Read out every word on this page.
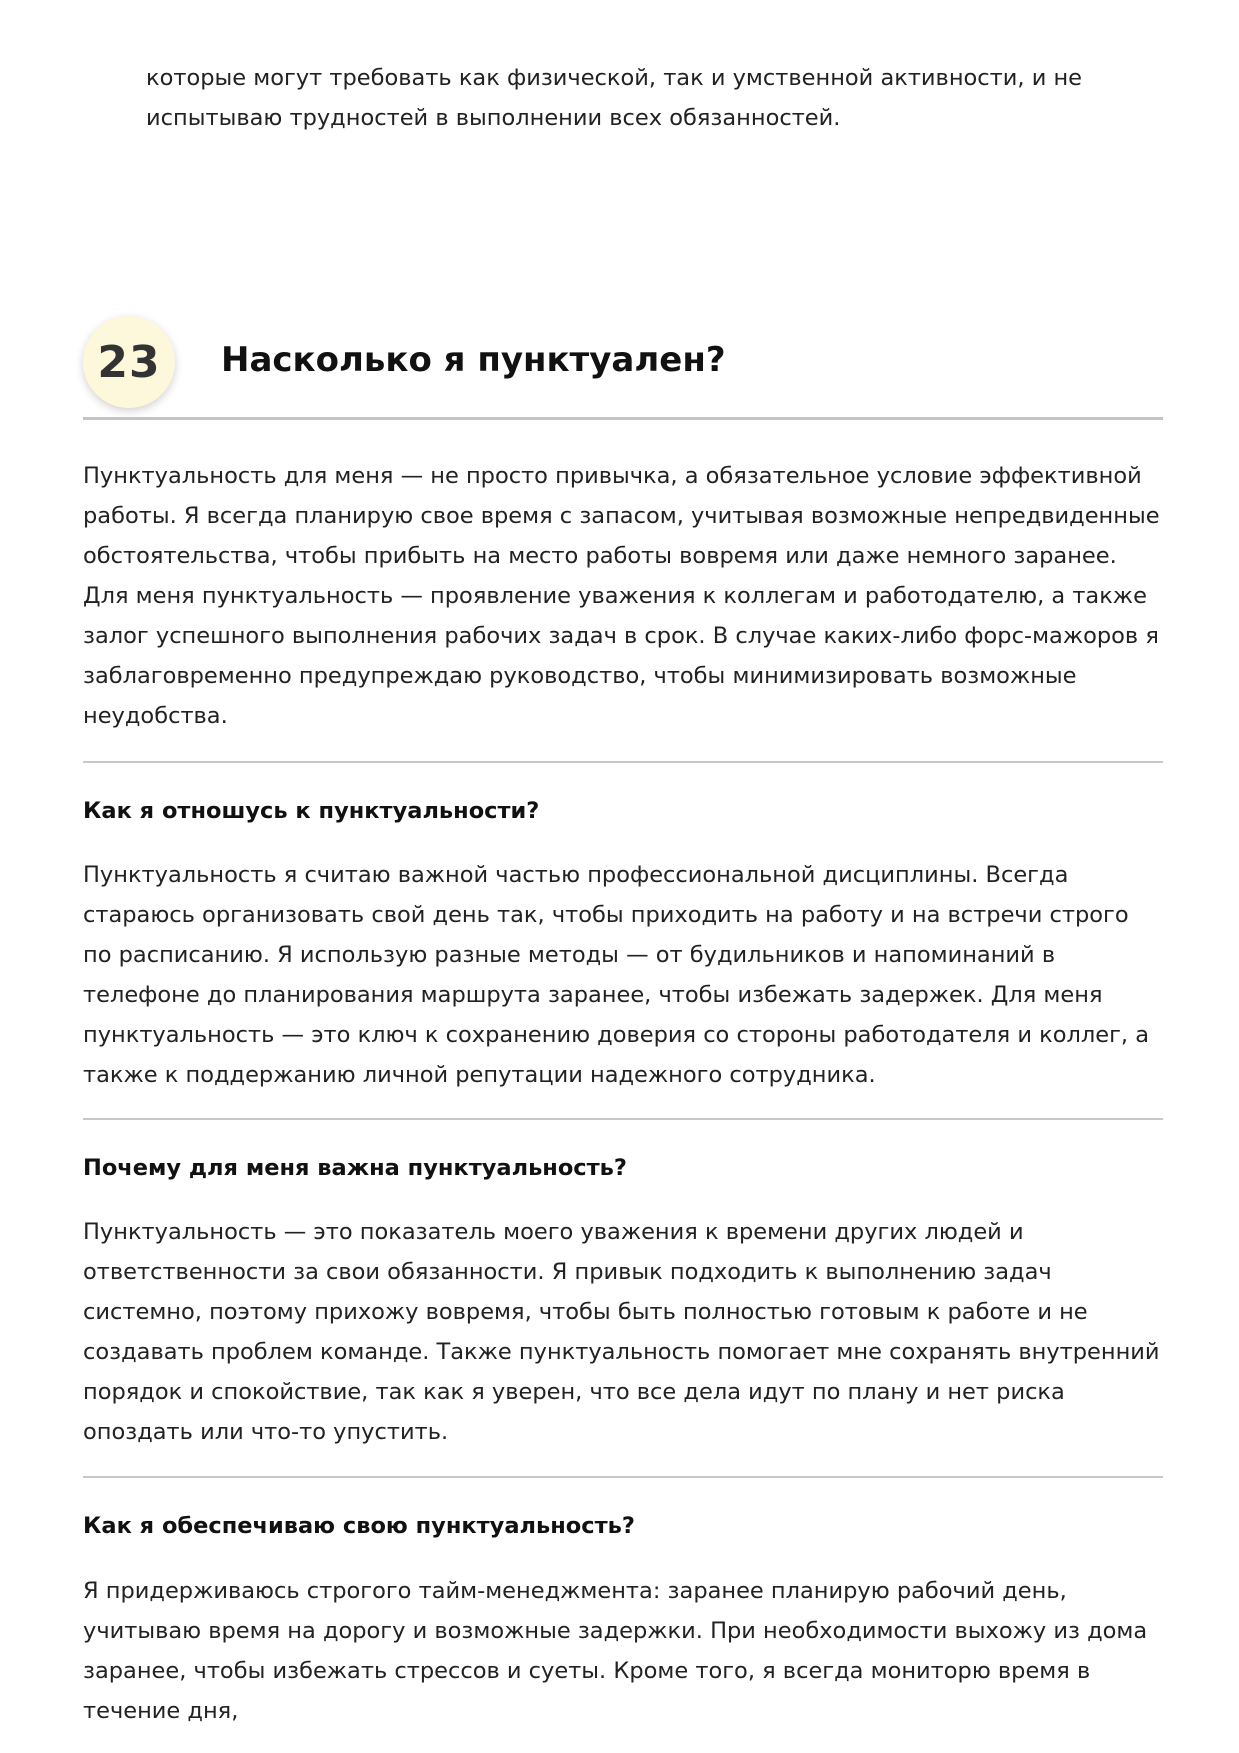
которые могут требовать как физической, так и умственной активности, и не испытываю трудностей в выполнении всех обязанностей.

23 Насколько я пунктуален?

Пунктуальность для меня — не просто привычка, а обязательное условие эффективной работы. Я всегда планирую свое время с запасом, учитывая возможные непредвиденные обстоятельства, чтобы прибыть на место работы вовремя или даже немного заранее. Для меня пунктуальность — проявление уважения к коллегам и работодателю, а также залог успешного выполнения рабочих задач в срок. В случае каких-либо форс-мажоров я заблаговременно предупреждаю руководство, чтобы минимизировать возможные неудобства.

Как я отношусь к пунктуальности?

Пунктуальность я считаю важной частью профессиональной дисциплины. Всегда стараюсь организовать свой день так, чтобы приходить на работу и на встречи строго по расписанию. Я использую разные методы — от будильников и напоминаний в телефоне до планирования маршрута заранее, чтобы избежать задержек. Для меня пунктуальность — это ключ к сохранению доверия со стороны работодателя и коллег, а также к поддержанию личной репутации надежного сотрудника.

Почему для меня важна пунктуальность?

Пунктуальность — это показатель моего уважения к времени других людей и ответственности за свои обязанности. Я привык подходить к выполнению задач системно, поэтому прихожу вовремя, чтобы быть полностью готовым к работе и не создавать проблем команде. Также пунктуальность помогает мне сохранять внутренний порядок и спокойствие, так как я уверен, что все дела идут по плану и нет риска опоздать или что-то упустить.

Как я обеспечиваю свою пунктуальность?

Я придерживаюсь строгого тайм-менеджмента: заранее планирую рабочий день, учитываю время на дорогу и возможные задержки. При необходимости выхожу из дома заранее, чтобы избежать стрессов и суеты. Кроме того, я всегда мониторю время в течение дня,
